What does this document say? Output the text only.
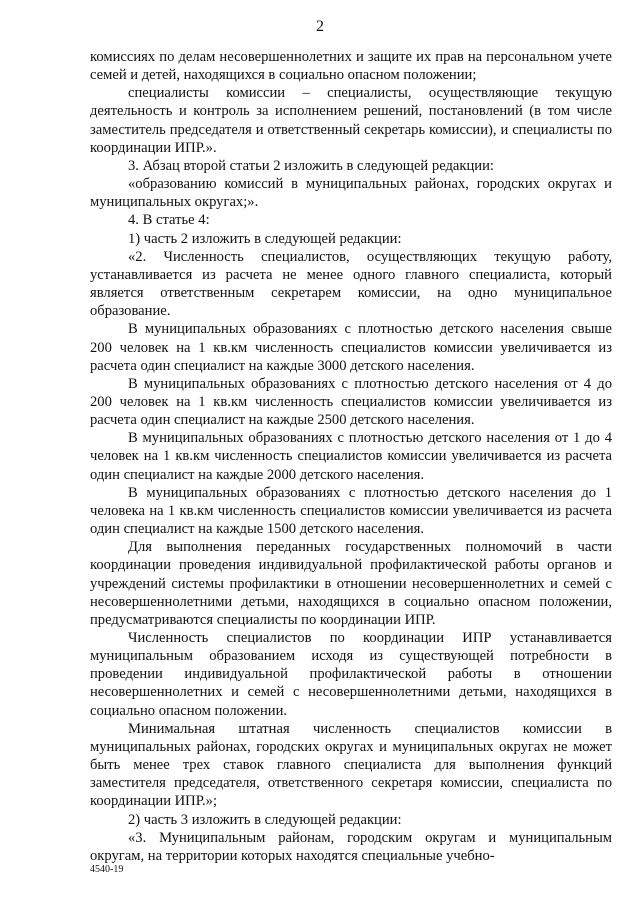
2

комиссиях по делам несовершеннолетних и защите их прав на персональном учете семей и детей, находящихся в социально опасном положении;

специалисты комиссии – специалисты, осуществляющие текущую деятельность и контроль за исполнением решений, постановлений (в том числе заместитель председателя и ответственный секретарь комиссии), и специалисты по координации ИПР.».

3. Абзац второй статьи 2 изложить в следующей редакции:

«образованию комиссий в муниципальных районах, городских округах и муниципальных округах;».

4. В статье 4:

1) часть 2 изложить в следующей редакции:

«2. Численность специалистов, осуществляющих текущую работу, устанавливается из расчета не менее одного главного специалиста, который является ответственным секретарем комиссии, на одно муниципальное образование.

В муниципальных образованиях с плотностью детского населения свыше 200 человек на 1 кв.км численность специалистов комиссии увеличивается из расчета один специалист на каждые 3000 детского населения.

В муниципальных образованиях с плотностью детского населения от 4 до 200 человек на 1 кв.км численность специалистов комиссии увеличивается из расчета один специалист на каждые 2500 детского населения.

В муниципальных образованиях с плотностью детского населения от 1 до 4 человек на 1 кв.км численность специалистов комиссии увеличивается из расчета один специалист на каждые 2000 детского населения.

В муниципальных образованиях с плотностью детского населения до 1 человека на 1 кв.км численность специалистов комиссии увеличивается из расчета один специалист на каждые 1500 детского населения.

Для выполнения переданных государственных полномочий в части координации проведения индивидуальной профилактической работы органов и учреждений системы профилактики в отношении несовершеннолетних и семей с несовершеннолетними детьми, находящихся в социально опасном положении, предусматриваются специалисты по координации ИПР.

Численность специалистов по координации ИПР устанавливается муниципальным образованием исходя из существующей потребности в проведении индивидуальной профилактической работы в отношении несовершеннолетних и семей с несовершеннолетними детьми, находящихся в социально опасном положении.

Минимальная штатная численность специалистов комиссии в муниципальных районах, городских округах и муниципальных округах не может быть менее трех ставок главного специалиста для выполнения функций заместителя председателя, ответственного секретаря комиссии, специалиста по координации ИПР.»;

2) часть 3 изложить в следующей редакции:

«3. Муниципальным районам, городским округам и муниципальным округам, на территории которых находятся специальные учебно-

4540-19
